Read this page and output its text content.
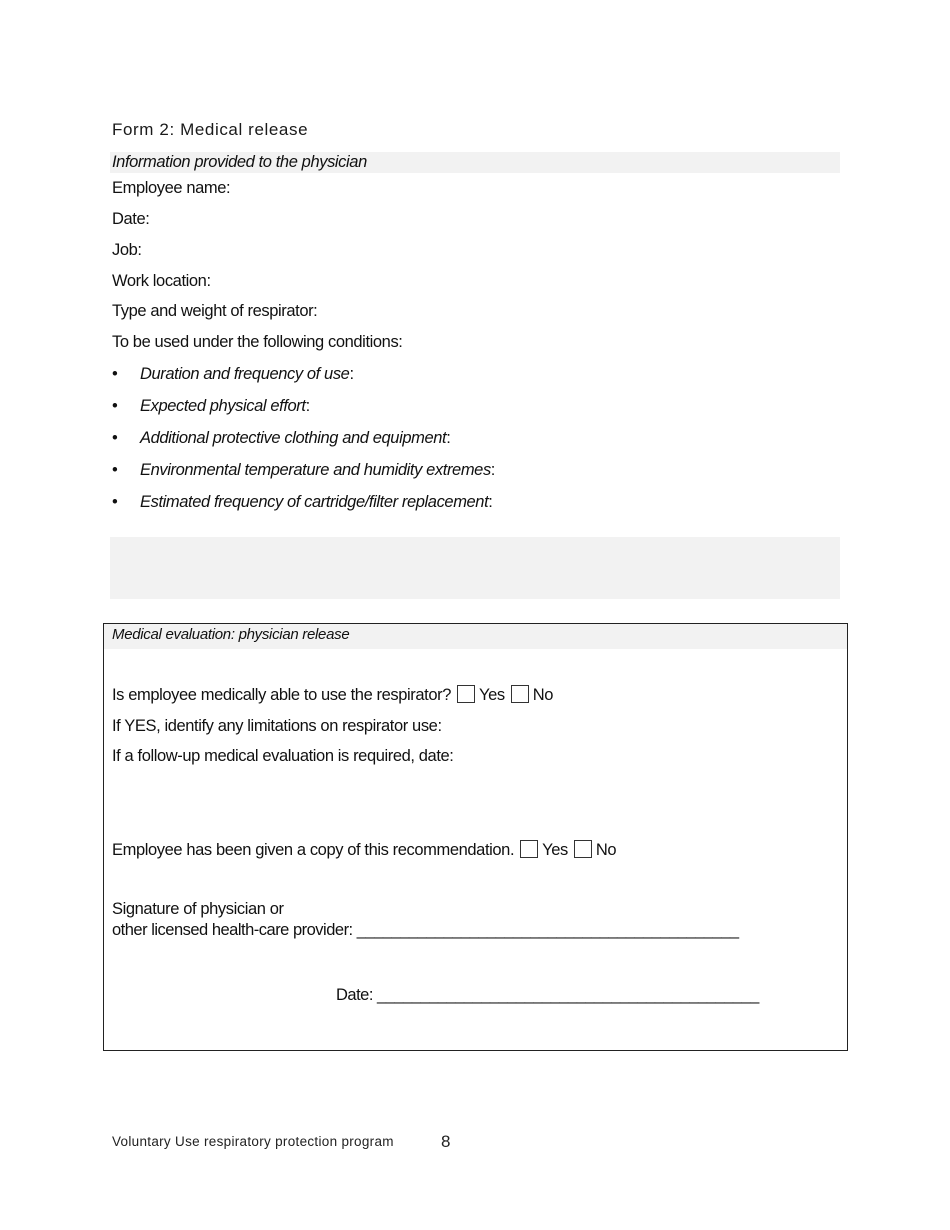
Form 2: Medical release
Information provided to the physician
Employee name:
Date:
Job:
Work location:
Type and weight of respirator:
To be used under the following conditions:
•	Duration and frequency of use:
•	Expected physical effort:
•	Additional protective clothing and equipment:
•	Environmental temperature and humidity extremes:
•	Estimated frequency of cartridge/filter replacement:
Medical evaluation: physician release
Is employee medically able to use the respirator? Yes No
If YES, identify any limitations on respirator use:
If a follow-up medical evaluation is required, date:
Employee has been given a copy of this recommendation. Yes No
Signature of physician or
other licensed health-care provider: ____________________________________________
Date: ____________________________________________
Voluntary Use respiratory protection program	8
